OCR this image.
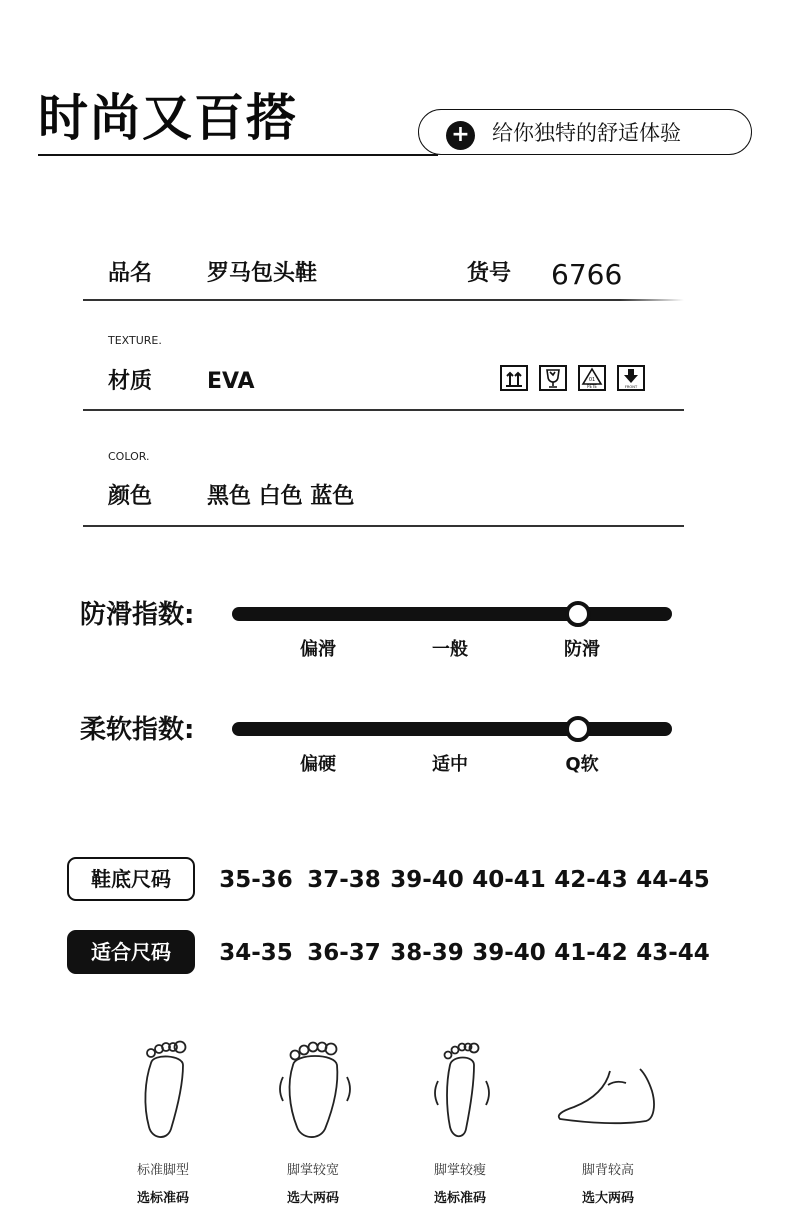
时尚又百搭	+ 给你独特的舒适体验
品名 罗马包头鞋	货号 6766
TEXTURE.
材质 EVA	01
PETE	FRONT
COLOR.
颜色 黑色 白色 蓝色
防滑指数:
偏滑	一般	防滑
柔软指数:
偏硬	适中	Q软
鞋底尺码	35-36 37-38 39-40 40-41 42-43 44-45
适合尺码	34-35 36-37 38-39 39-40 41-42 43-44
标准脚型	脚掌较宽	脚掌较瘦	脚背较高
选标准码	选大两码	选标准码	选大两码
